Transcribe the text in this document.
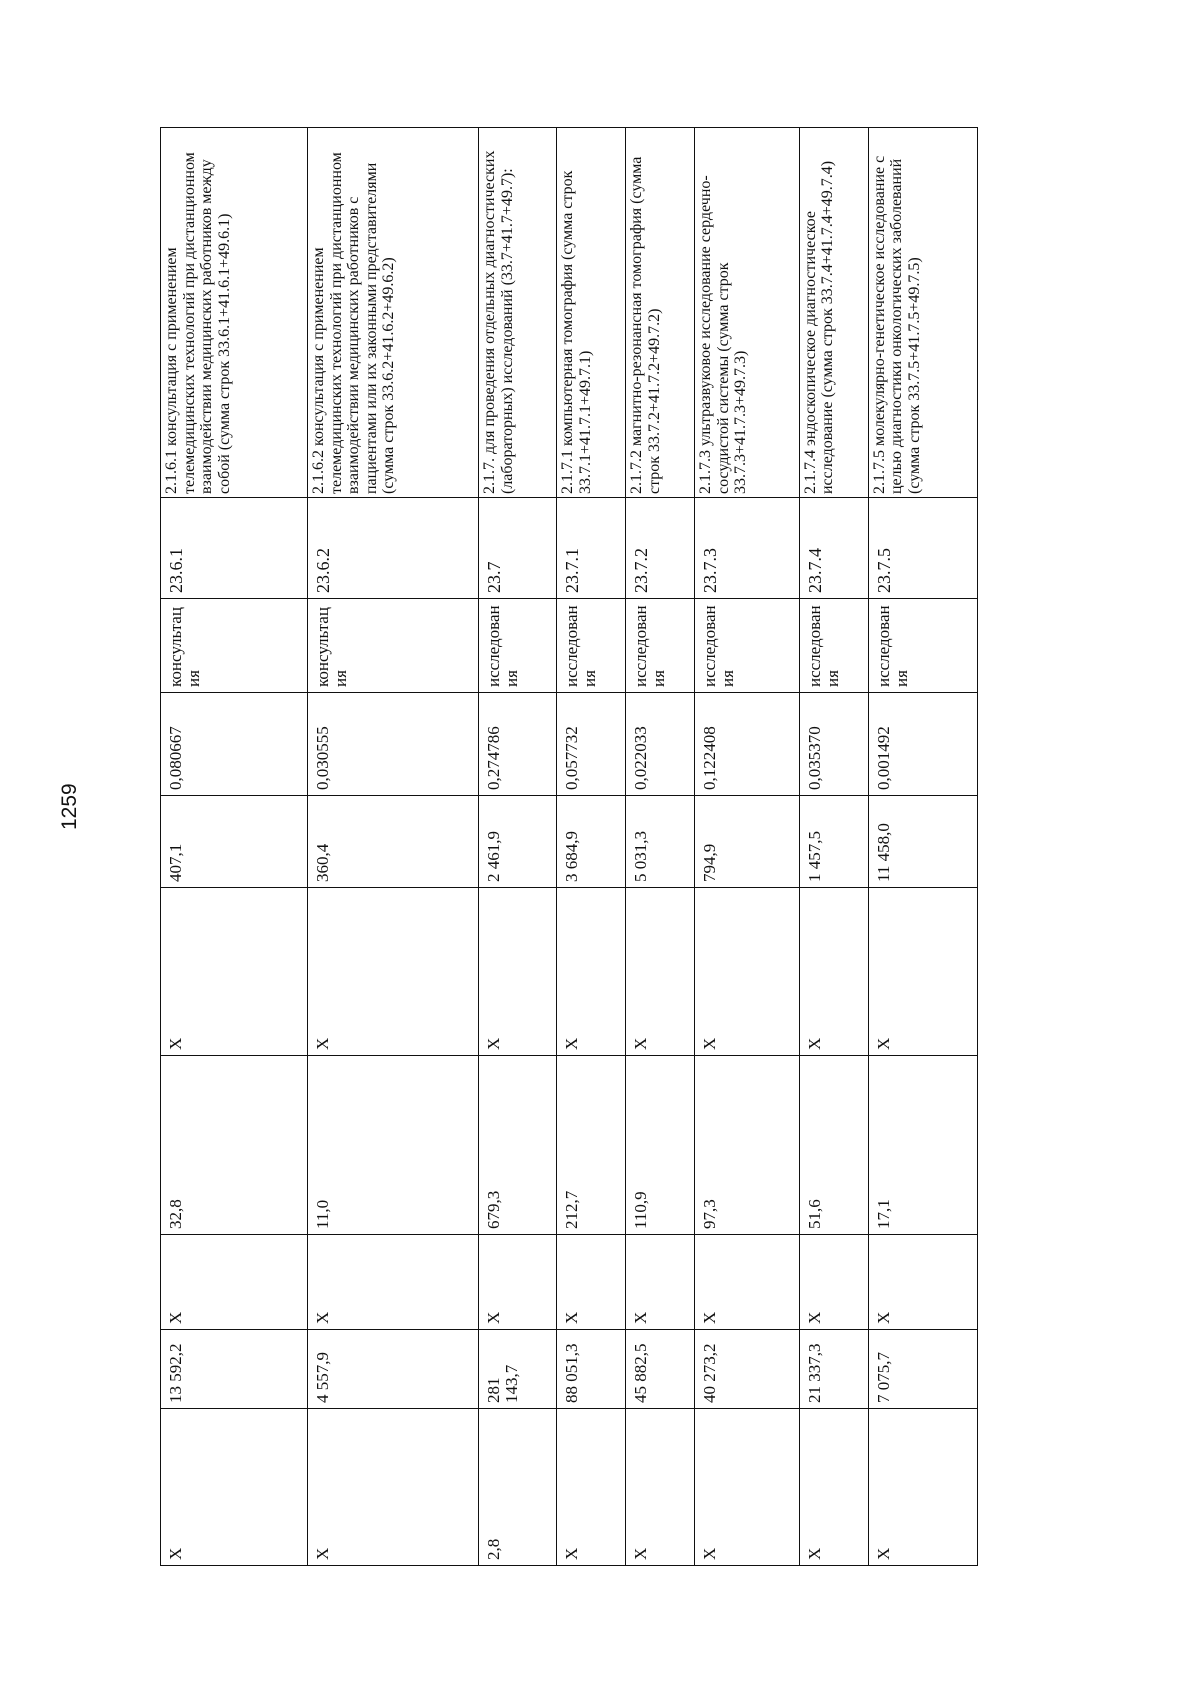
1259
X	13 592,2	X	32,8	X	407,1	0,080667	консультация	23.6.1	2.1.6.1 консультация с применением телемедицинских технологий при дистанционном взаимодействии медицинских работников между собой (сумма строк 33.6.1+41.6.1+49.6.1)
X	4 557,9	X	11,0	X	360,4	0,030555	консультация	23.6.2	2.1.6.2 консультация с применением телемедицинских технологий при дистанционном взаимодействии медицинских работников с пациентами или их законными представителями (сумма строк 33.6.2+41.6.2+49.6.2)
2,8	281 143,7	X	679,3	X	2 461,9	0,274786	исследования	23.7	2.1.7. для проведения отдельных диагностических (лабораторных) исследований (33.7+41.7+49.7):
X	88 051,3	X	212,7	X	3 684,9	0,057732	исследования	23.7.1	2.1.7.1 компьютерная томография (сумма строк 33.7.1+41.7.1+49.7.1)
X	45 882,5	X	110,9	X	5 031,3	0,022033	исследования	23.7.2	2.1.7.2 магнитно-резонансная томография (сумма строк 33.7.2+41.7.2+49.7.2)
X	40 273,2	X	97,3	X	794,9	0,122408	исследования	23.7.3	2.1.7.3 ультразвуковое исследование сердечно-сосудистой системы (сумма строк 33.7.3+41.7.3+49.7.3)
X	21 337,3	X	51,6	X	1 457,5	0,035370	исследования	23.7.4	2.1.7.4 эндоскопическое диагностическое исследование (сумма строк 33.7.4+41.7.4+49.7.4)
X	7 075,7	X	17,1	X	11 458,0	0,001492	исследования	23.7.5	2.1.7.5 молекулярно-генетическое исследование с целью диагностики онкологических заболеваний (сумма строк 33.7.5+41.7.5+49.7.5)
